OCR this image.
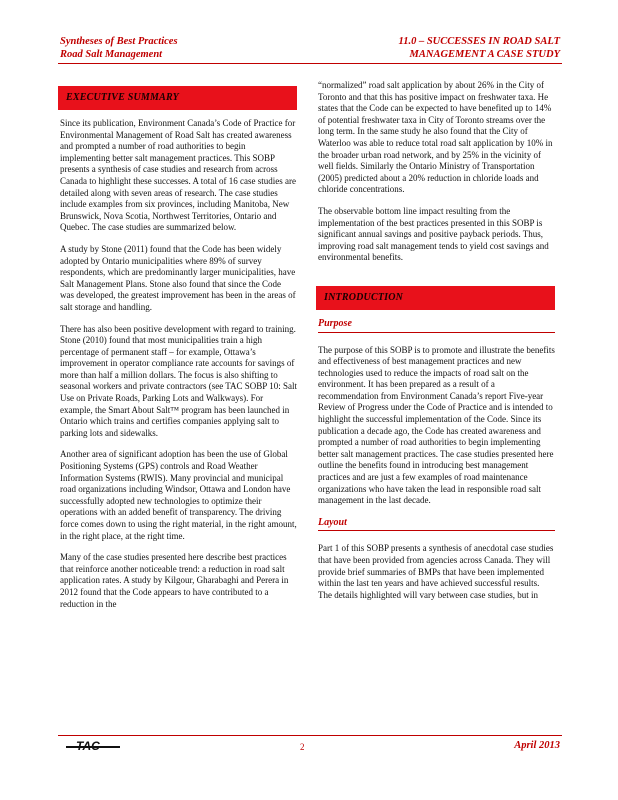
Syntheses of Best Practices
Road Salt Management
11.0 – SUCCESSES IN ROAD SALT
MANAGEMENT A CASE STUDY
EXECUTIVE SUMMARY

Since its publication, Environment Canada’s Code of Practice for Environmental Management of Road Salt has created awareness and prompted a number of road authorities to begin implementing better salt management practices. This SOBP presents a synthesis of case studies and research from across Canada to highlight these successes. A total of 16 case studies are detailed along with seven areas of research. The case studies include examples from six provinces, including Manitoba, New Brunswick, Nova Scotia, Northwest Territories, Ontario and Quebec. The case studies are summarized below.

A study by Stone (2011) found that the Code has been widely adopted by Ontario municipalities where 89% of survey respondents, which are predominantly larger municipalities, have Salt Management Plans. Stone also found that since the Code was developed, the greatest improvement has been in the areas of salt storage and handling.

There has also been positive development with regard to training. Stone (2010) found that most municipalities train a high percentage of permanent staff – for example, Ottawa’s improvement in operator compliance rate accounts for savings of more than half a million dollars. The focus is also shifting to seasonal workers and private contractors (see TAC SOBP 10: Salt Use on Private Roads, Parking Lots and Walkways). For example, the Smart About Salt™ program has been launched in Ontario which trains and certifies companies applying salt to parking lots and sidewalks.

Another area of significant adoption has been the use of Global Positioning Systems (GPS) controls and Road Weather Information Systems (RWIS). Many provincial and municipal road organizations including Windsor, Ottawa and London have successfully adopted new technologies to optimize their operations with an added benefit of transparency. The driving force comes down to using the right material, in the right amount, in the right place, at the right time.

Many of the case studies presented here describe best practices that reinforce another noticeable trend: a reduction in road salt application rates. A study by Kilgour, Gharabaghi and Perera in 2012 found that the Code appears to have contributed to a reduction in the

“normalized” road salt application by about 26% in the City of Toronto and that this has positive impact on freshwater taxa. He states that the Code can be expected to have benefited up to 14% of potential freshwater taxa in City of Toronto streams over the long term. In the same study he also found that the City of Waterloo was able to reduce total road salt application by 10% in the broader urban road network, and by 25% in the vicinity of well fields. Similarly the Ontario Ministry of Transportation (2005) predicted about a 20% reduction in chloride loads and chloride concentrations.

The observable bottom line impact resulting from the implementation of the best practices presented in this SOBP is significant annual savings and positive payback periods. Thus, improving road salt management tends to yield cost savings and environmental benefits.

INTRODUCTION
Purpose

The purpose of this SOBP is to promote and illustrate the benefits and effectiveness of best management practices and new technologies used to reduce the impacts of road salt on the environment. It has been prepared as a result of a recommendation from Environment Canada’s report Five-year Review of Progress under the Code of Practice and is intended to highlight the successful implementation of the Code. Since its publication a decade ago, the Code has created awareness and prompted a number of road authorities to begin implementing better salt management practices. The case studies presented here outline the benefits found in introducing best management practices and are just a few examples of road maintenance organizations who have taken the lead in responsible road salt management in the last decade.

Layout

Part 1 of this SOBP presents a synthesis of anecdotal case studies that have been provided from agencies across Canada. They will provide brief summaries of BMPs that have been implemented within the last ten years and have achieved successful results. The details highlighted will vary between case studies, but in

TAC	2	April 2013
